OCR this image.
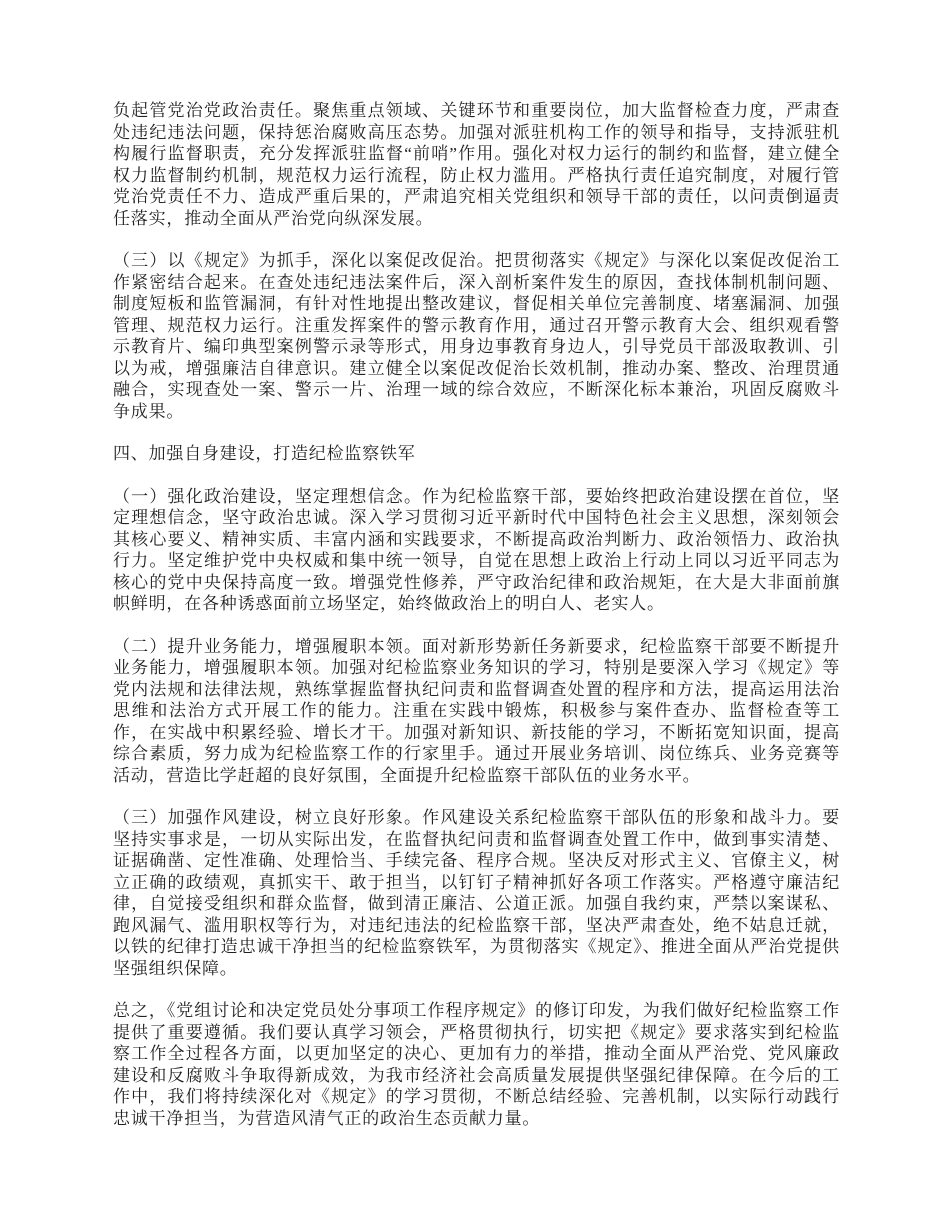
负起管党治党政治责任。聚焦重点领域、关键环节和重要岗位，加大监督检查力度，严肃查处违纪违法问题，保持惩治腐败高压态势。加强对派驻机构工作的领导和指导，支持派驻机构履行监督职责，充分发挥派驻监督“前哨”作用。强化对权力运行的制约和监督，建立健全权力监督制约机制，规范权力运行流程，防止权力滥用。严格执行责任追究制度，对履行管党治党责任不力、造成严重后果的，严肃追究相关党组织和领导干部的责任，以问责倒逼责任落实，推动全面从严治党向纵深发展。

（三）以《规定》为抓手，深化以案促改促治。把贯彻落实《规定》与深化以案促改促治工作紧密结合起来。在查处违纪违法案件后，深入剖析案件发生的原因，查找体制机制问题、制度短板和监管漏洞，有针对性地提出整改建议，督促相关单位完善制度、堵塞漏洞、加强管理、规范权力运行。注重发挥案件的警示教育作用，通过召开警示教育大会、组织观看警示教育片、编印典型案例警示录等形式，用身边事教育身边人，引导党员干部汲取教训、引以为戒，增强廉洁自律意识。建立健全以案促改促治长效机制，推动办案、整改、治理贯通融合，实现查处一案、警示一片、治理一域的综合效应，不断深化标本兼治，巩固反腐败斗争成果。

四、加强自身建设，打造纪检监察铁军

（一）强化政治建设，坚定理想信念。作为纪检监察干部，要始终把政治建设摆在首位，坚定理想信念，坚守政治忠诚。深入学习贯彻习近平新时代中国特色社会主义思想，深刻领会其核心要义、精神实质、丰富内涵和实践要求，不断提高政治判断力、政治领悟力、政治执行力。坚定维护党中央权威和集中统一领导，自觉在思想上政治上行动上同以习近平同志为核心的党中央保持高度一致。增强党性修养，严守政治纪律和政治规矩，在大是大非面前旗帜鲜明，在各种诱惑面前立场坚定，始终做政治上的明白人、老实人。

（二）提升业务能力，增强履职本领。面对新形势新任务新要求，纪检监察干部要不断提升业务能力，增强履职本领。加强对纪检监察业务知识的学习，特别是要深入学习《规定》等党内法规和法律法规，熟练掌握监督执纪问责和监督调查处置的程序和方法，提高运用法治思维和法治方式开展工作的能力。注重在实践中锻炼，积极参与案件查办、监督检查等工作，在实战中积累经验、增长才干。加强对新知识、新技能的学习，不断拓宽知识面，提高综合素质，努力成为纪检监察工作的行家里手。通过开展业务培训、岗位练兵、业务竞赛等活动，营造比学赶超的良好氛围，全面提升纪检监察干部队伍的业务水平。

（三）加强作风建设，树立良好形象。作风建设关系纪检监察干部队伍的形象和战斗力。要坚持实事求是，一切从实际出发，在监督执纪问责和监督调查处置工作中，做到事实清楚、证据确凿、定性准确、处理恰当、手续完备、程序合规。坚决反对形式主义、官僚主义，树立正确的政绩观，真抓实干、敢于担当，以钉钉子精神抓好各项工作落实。严格遵守廉洁纪律，自觉接受组织和群众监督，做到清正廉洁、公道正派。加强自我约束，严禁以案谋私、跑风漏气、滥用职权等行为，对违纪违法的纪检监察干部，坚决严肃查处，绝不姑息迁就，以铁的纪律打造忠诚干净担当的纪检监察铁军，为贯彻落实《规定》、推进全面从严治党提供坚强组织保障。

总之，《党组讨论和决定党员处分事项工作程序规定》的修订印发，为我们做好纪检监察工作提供了重要遵循。我们要认真学习领会，严格贯彻执行，切实把《规定》要求落实到纪检监察工作全过程各方面，以更加坚定的决心、更加有力的举措，推动全面从严治党、党风廉政建设和反腐败斗争取得新成效，为我市经济社会高质量发展提供坚强纪律保障。在今后的工作中，我们将持续深化对《规定》的学习贯彻，不断总结经验、完善机制，以实际行动践行忠诚干净担当，为营造风清气正的政治生态贡献力量。
